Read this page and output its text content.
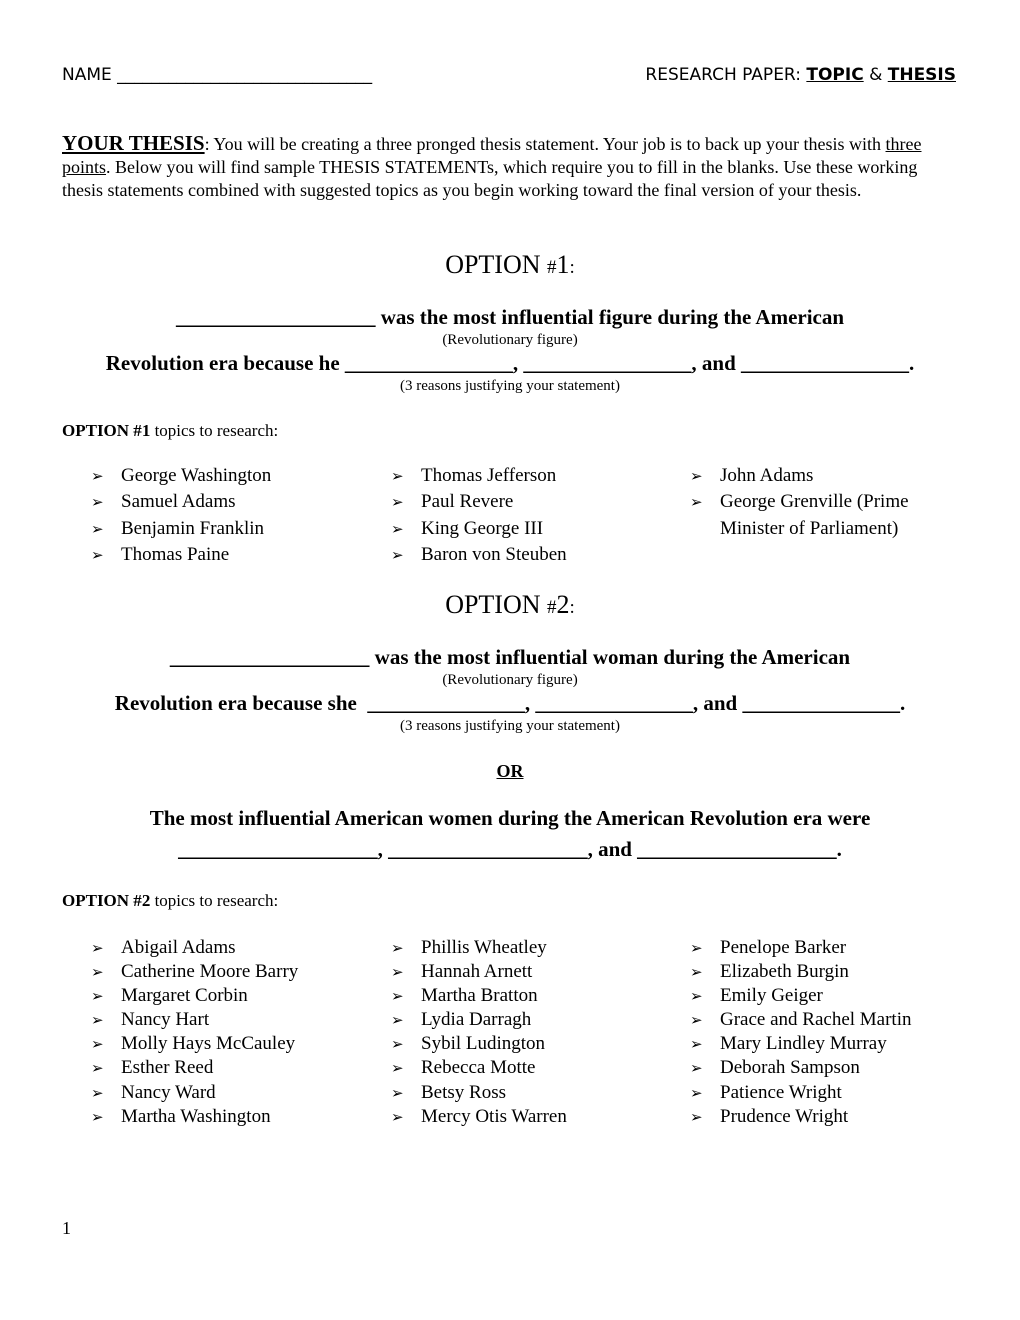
NAME ______________________________	RESEARCH PAPER: TOPIC & THESIS
YOUR THESIS: You will be creating a three pronged thesis statement. Your job is to back up your thesis with three points. Below you will find sample THESIS STATEMENTs, which require you to fill in the blanks. Use these working thesis statements combined with suggested topics as you begin working toward the final version of your thesis.
OPTION #1:
___________________ was the most influential figure during the American
(Revolutionary figure)
Revolution era because he ________________, ________________, and ________________.
(3 reasons justifying your statement)
OPTION #1 topics to research:
➢ George Washington
➢ Samuel Adams
➢ Benjamin Franklin
➢ Thomas Paine
➢ Thomas Jefferson
➢ Paul Revere
➢ King George III
➢ Baron von Steuben
➢ John Adams
➢ George Grenville (Prime
Minister of Parliament)
OPTION #2:
___________________ was the most influential woman during the American
(Revolutionary figure)
Revolution era because she  _______________, _______________, and _______________.
(3 reasons justifying your statement)
OR
The most influential American women during the American Revolution era were
___________________, ___________________, and ___________________.
OPTION #2 topics to research:
➢ Abigail Adams
➢ Catherine Moore Barry
➢ Margaret Corbin
➢ Nancy Hart
➢ Molly Hays McCauley
➢ Esther Reed
➢ Nancy Ward
➢ Martha Washington
➢ Phillis Wheatley
➢ Hannah Arnett
➢ Martha Bratton
➢ Lydia Darragh
➢ Sybil Ludington
➢ Rebecca Motte
➢ Betsy Ross
➢ Mercy Otis Warren
➢ Penelope Barker
➢ Elizabeth Burgin
➢ Emily Geiger
➢ Grace and Rachel Martin
➢ Mary Lindley Murray
➢ Deborah Sampson
➢ Patience Wright
➢ Prudence Wright
1
